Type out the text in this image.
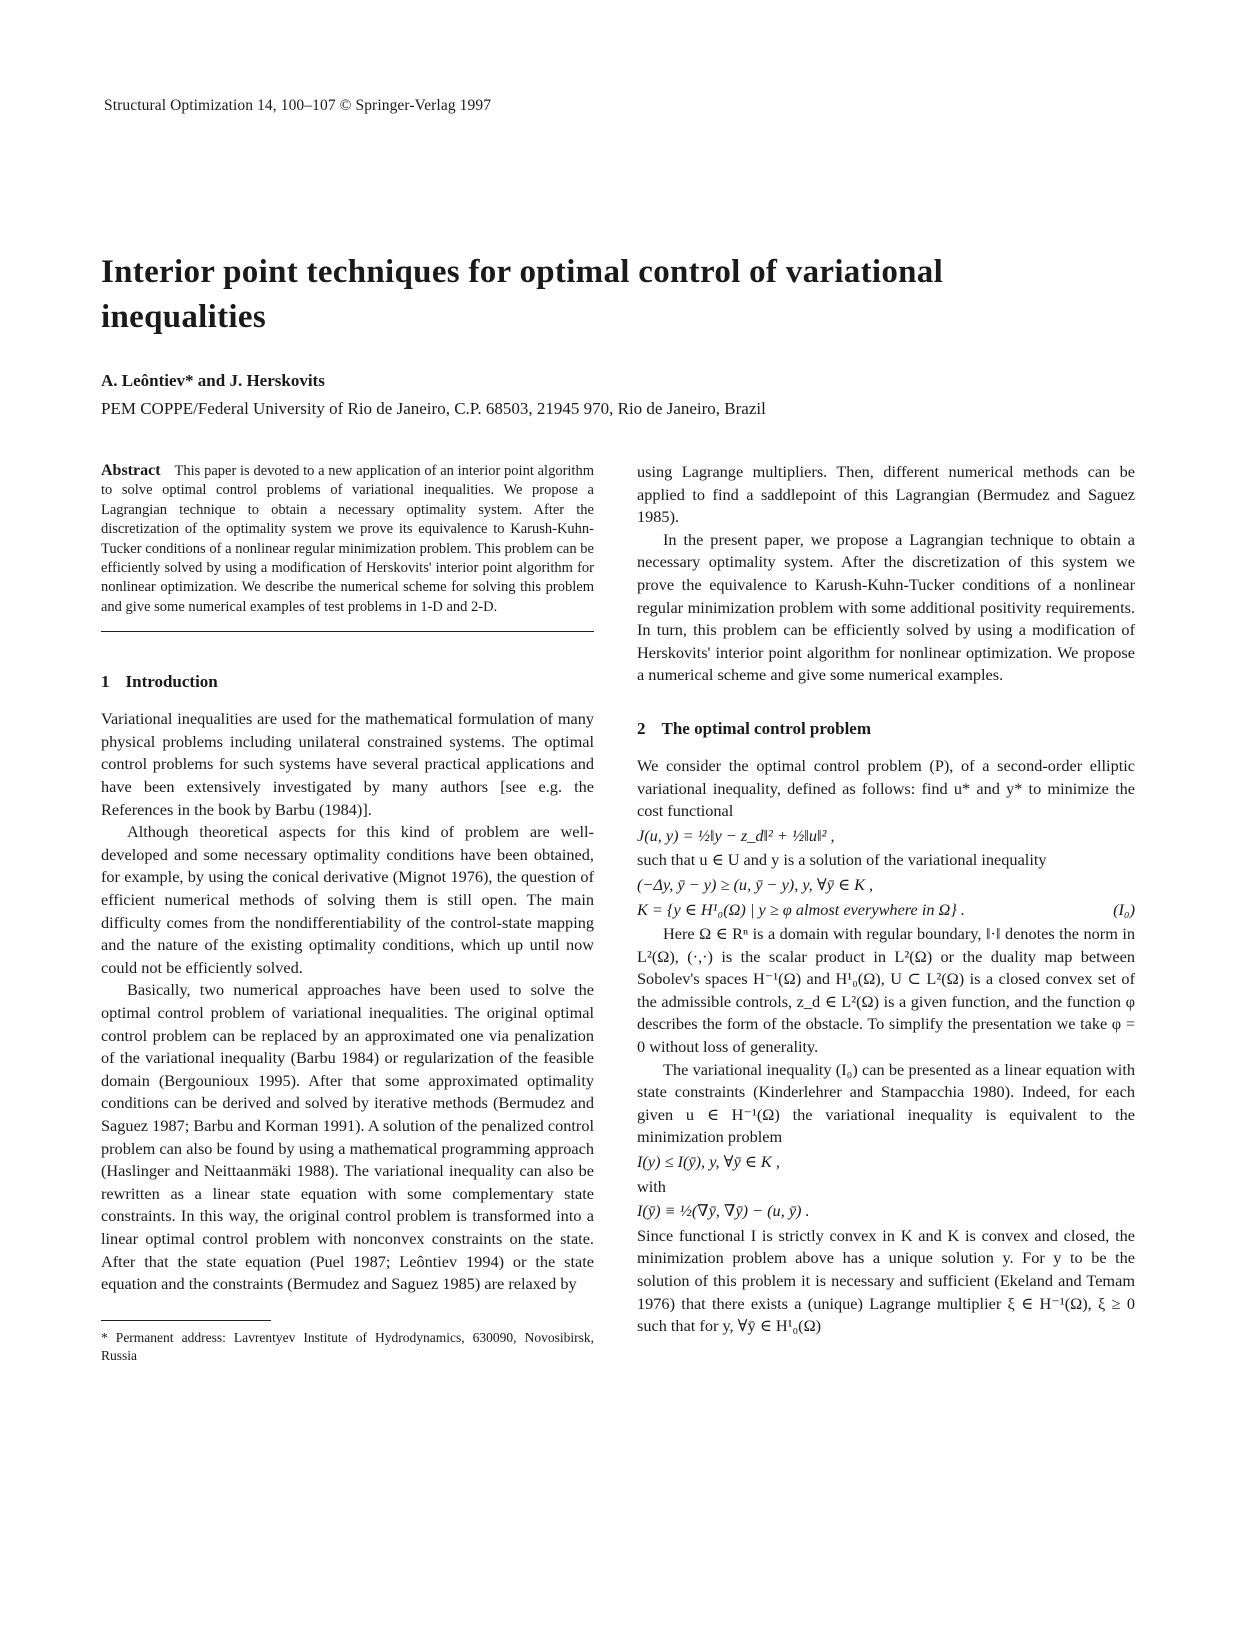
Structural Optimization 14, 100–107 © Springer-Verlag 1997
Interior point techniques for optimal control of variational inequalities
A. Leôntiev* and J. Herskovits
PEM COPPE/Federal University of Rio de Janeiro, C.P. 68503, 21945 970, Rio de Janeiro, Brazil
Abstract This paper is devoted to a new application of an interior point algorithm to solve optimal control problems of variational inequalities. We propose a Lagrangian technique to obtain a necessary optimality system. After the discretization of the optimality system we prove its equivalence to Karush-Kuhn-Tucker conditions of a nonlinear regular minimization problem. This problem can be efficiently solved by using a modification of Herskovits' interior point algorithm for nonlinear optimization. We describe the numerical scheme for solving this problem and give some numerical examples of test problems in 1-D and 2-D.
1 Introduction

Variational inequalities are used for the mathematical formulation of many physical problems including unilateral constrained systems. The optimal control problems for such systems have several practical applications and have been extensively investigated by many authors [see e.g. the References in the book by Barbu (1984)].

Although theoretical aspects for this kind of problem are well-developed and some necessary optimality conditions have been obtained, for example, by using the conical derivative (Mignot 1976), the question of efficient numerical methods of solving them is still open. The main difficulty comes from the nondifferentiability of the control-state mapping and the nature of the existing optimality conditions, which up until now could not be efficiently solved.

Basically, two numerical approaches have been used to solve the optimal control problem of variational inequalities. The original optimal control problem can be replaced by an approximated one via penalization of the variational inequality (Barbu 1984) or regularization of the feasible domain (Bergounioux 1995). After that some approximated optimality conditions can be derived and solved by iterative methods (Bermudez and Saguez 1987; Barbu and Korman 1991). A solution of the penalized control problem can also be found by using a mathematical programming approach (Haslinger and Neittaanmäki 1988). The variational inequality can also be rewritten as a linear state equation with some complementary state constraints. In this way, the original control problem is transformed into a linear optimal control problem with nonconvex constraints on the state. After that the state equation (Puel 1987; Leôntiev 1994) or the state equation and the constraints (Bermudez and Saguez 1985) are relaxed by

* Permanent address: Lavrentyev Institute of Hydrodynamics, 630090, Novosibirsk, Russia

using Lagrange multipliers. Then, different numerical methods can be applied to find a saddlepoint of this Lagrangian (Bermudez and Saguez 1985).

In the present paper, we propose a Lagrangian technique to obtain a necessary optimality system. After the discretization of this system we prove the equivalence to Karush-Kuhn-Tucker conditions of a nonlinear regular minimization problem with some additional positivity requirements. In turn, this problem can be efficiently solved by using a modification of Herskovits' interior point algorithm for nonlinear optimization. We propose a numerical scheme and give some numerical examples.

2 The optimal control problem

We consider the optimal control problem (P), of a second-order elliptic variational inequality, defined as follows: find u* and y* to minimize the cost functional

J(u, y) = ½‖y − z_d‖² + ½‖u‖² ,

such that u ∈ U and y is a solution of the variational inequality

(−Δy, ȳ − y) ≥ (u, ȳ − y), y, ∀ȳ ∈ K ,
(I₀)
K = {y ∈ H¹₀(Ω) | y ≥ φ almost everywhere in Ω} .

Here Ω ∈ Rⁿ is a domain with regular boundary, ‖·‖ denotes the norm in L²(Ω), (·,·) is the scalar product in L²(Ω) or the duality map between Sobolev's spaces H⁻¹(Ω) and H¹₀(Ω), U ⊂ L²(Ω) is a closed convex set of the admissible controls, z_d ∈ L²(Ω) is a given function, and the function φ describes the form of the obstacle. To simplify the presentation we take φ = 0 without loss of generality.

The variational inequality (I₀) can be presented as a linear equation with state constraints (Kinderlehrer and Stampacchia 1980). Indeed, for each given u ∈ H⁻¹(Ω) the variational inequality is equivalent to the minimization problem

I(y) ≤ I(ȳ), y, ∀ȳ ∈ K ,

with

I(ȳ) ≡ ½(∇ȳ, ∇ȳ) − (u, ȳ) .

Since functional I is strictly convex in K and K is convex and closed, the minimization problem above has a unique solution y. For y to be the solution of this problem it is necessary and sufficient (Ekeland and Temam 1976) that there exists a (unique) Lagrange multiplier ξ ∈ H⁻¹(Ω), ξ ≥ 0 such that for y, ∀ȳ ∈ H¹₀(Ω)
